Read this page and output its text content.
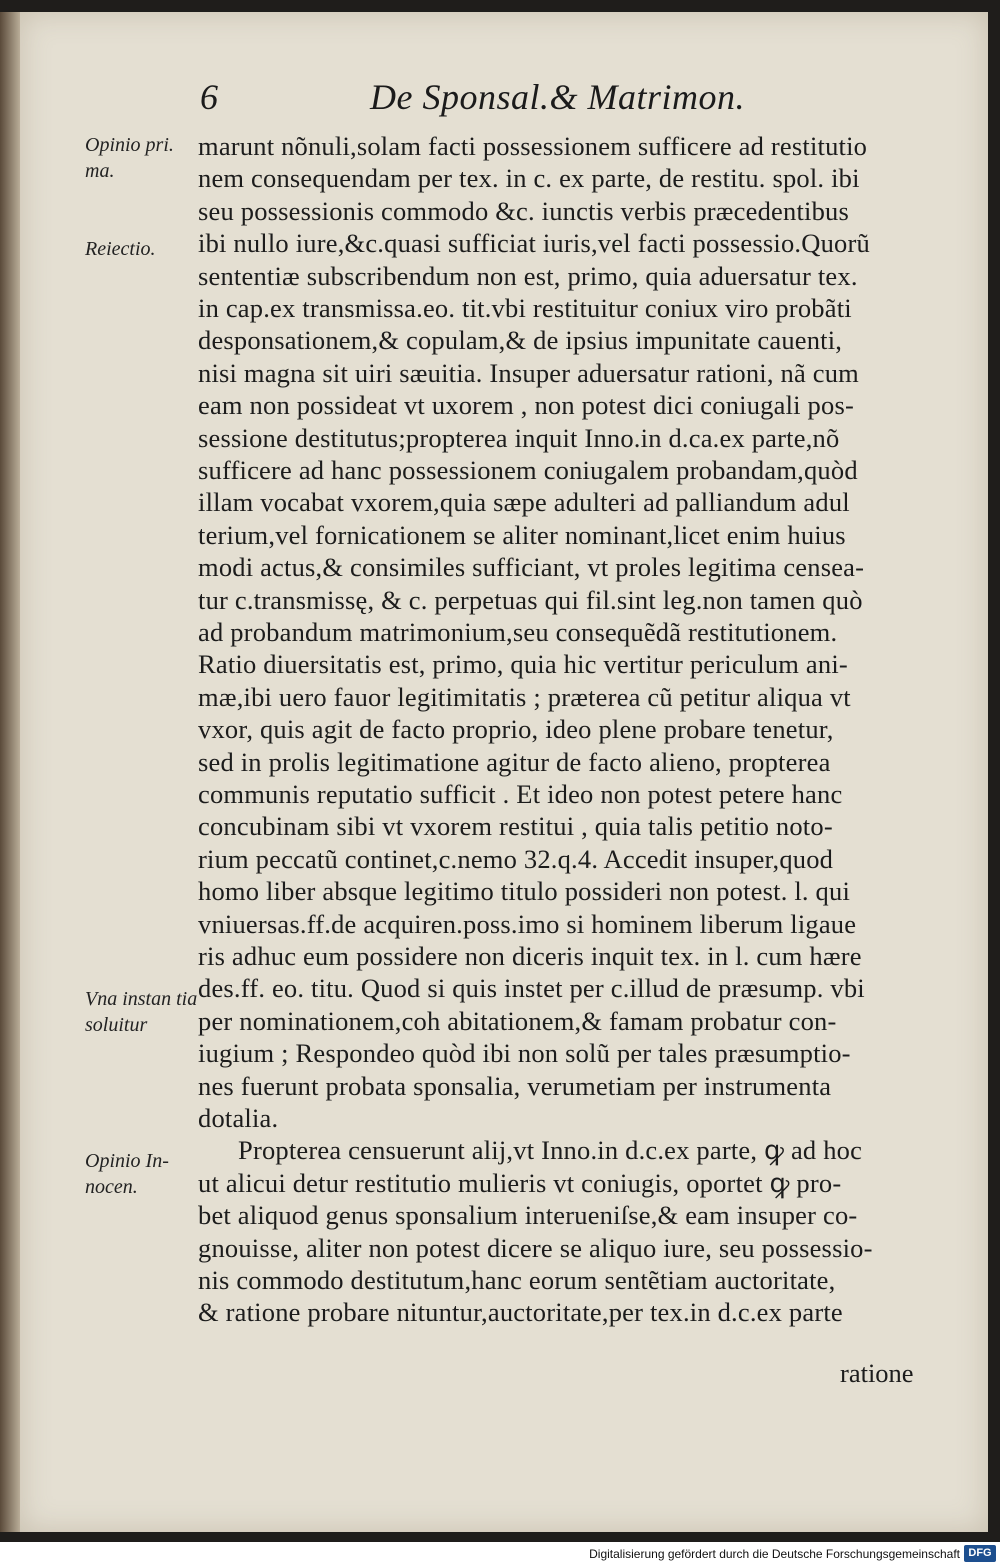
6	De Sponsal.& Matrimon.
Opinio pri. ma.
Reiectio.
Vna instan tia soluitur
Opinio In- nocen.
marunt nõnuli,solam facti possessionem sufficere ad restitutio
nem consequendam per tex. in c. ex parte, de restitu. spol. ibi
seu possessionis commodo &c. iunctis verbis præcedentibus
ibi nullo iure,&c.quasi sufficiat iuris,vel facti possessio.Quorũ
sententiæ subscribendum non est, primo, quia aduersatur tex.
in cap.ex transmissa.eo. tit.vbi restituitur coniux viro probãti
desponsationem,& copulam,& de ipsius impunitate cauenti,
nisi magna sit uiri sæuitia. Insuper aduersatur rationi, nã cum
eam non possideat vt uxorem , non potest dici coniugali pos-
sessione destitutus;propterea inquit Inno.in d.ca.ex parte,nõ
sufficere ad hanc possessionem coniugalem probandam,quòd
illam vocabat vxorem,quia sæpe adulteri ad palliandum adul
terium,vel fornicationem se aliter nominant,licet enim huius
modi actus,& consimiles sufficiant, vt proles legitima censea-
tur c.transmissę, & c. perpetuas qui fil.sint leg.non tamen quò
ad probandum matrimonium,seu consequẽdã restitutionem.
Ratio diuersitatis est, primo, quia hic vertitur periculum ani-
mæ,ibi uero fauor legitimitatis ; præterea cũ petitur aliqua vt
vxor, quis agit de facto proprio, ideo plene probare tenetur,
sed in prolis legitimatione agitur de facto alieno, propterea
communis reputatio sufficit . Et ideo non potest petere hanc
concubinam sibi vt vxorem restitui , quia talis petitio noto-
rium peccatũ continet,c.nemo 32.q.4. Accedit insuper,quod
homo liber absque legitimo titulo possideri non potest. l. qui
vniuersas.ff.de acquiren.poss.imo si hominem liberum ligaue
ris adhuc eum possidere non diceris inquit tex. in l. cum hære
des.ff. eo. titu. Quod si quis instet per c.illud de præsump. vbi
per nominationem,coh abitationem,& famam probatur con-
iugium ; Respondeo quòd ibi non solũ per tales præsumptio-
nes fuerunt probata sponsalia, verumetiam per instrumenta
dotalia.
Propterea censuerunt alij,vt Inno.in d.c.ex parte, ꝙ ad hoc
ut alicui detur restitutio mulieris vt coniugis, oportet ꝙ pro-
bet aliquod genus sponsalium interueniſse,& eam insuper co-
gnouisse, aliter non potest dicere se aliquo iure, seu possessio-
nis commodo destitutum,hanc eorum sentẽtiam auctoritate,
& ratione probare nituntur,auctoritate,per tex.in d.c.ex parte
ratione
Digitalisierung gefördert durch die Deutsche Forschungsgemeinschaft DFG
